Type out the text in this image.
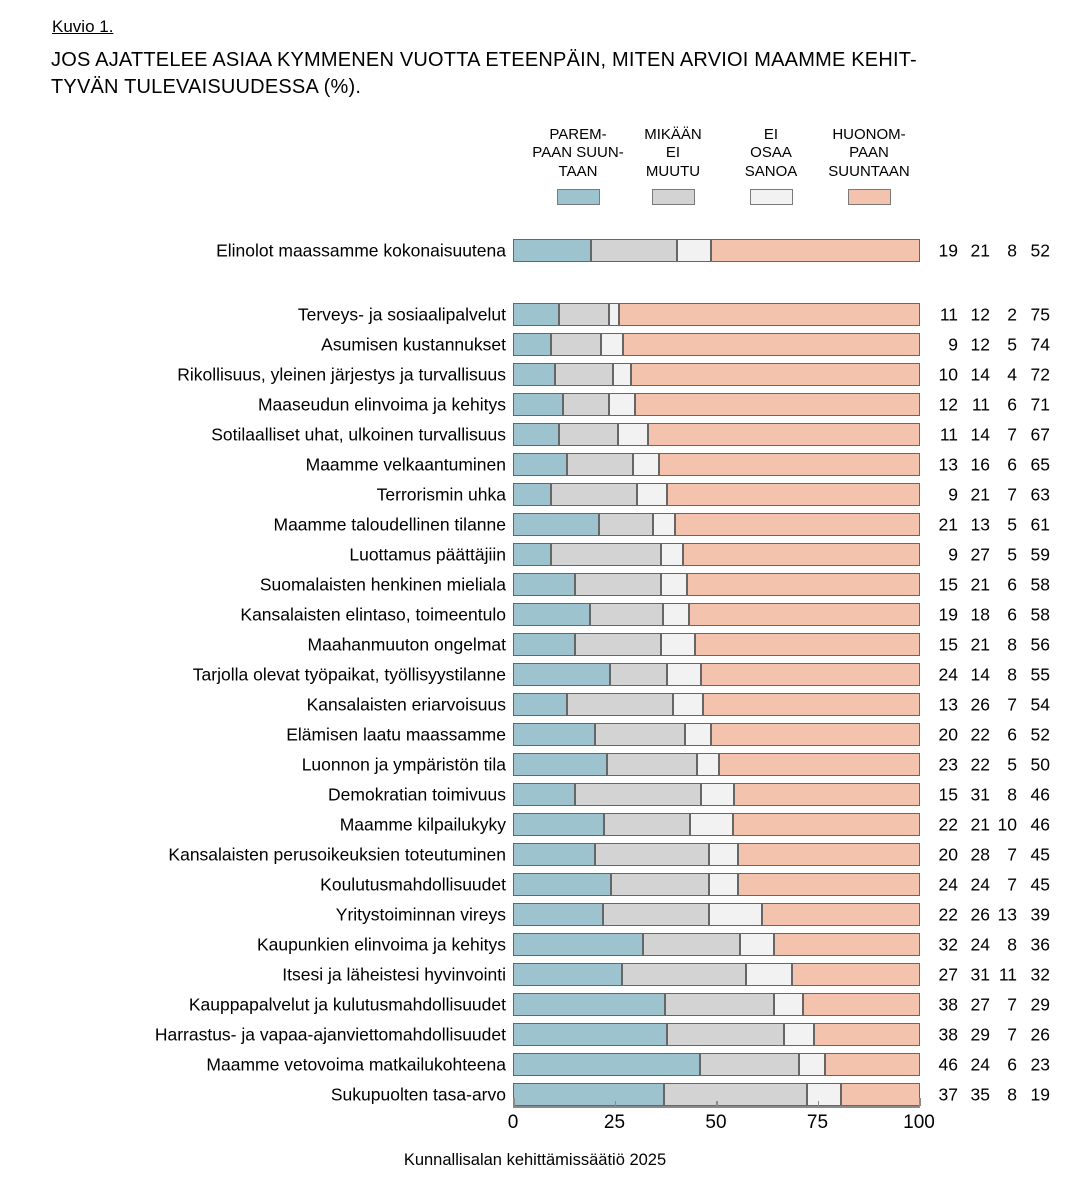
Kuvio 1.
JOS AJATTELEE ASIAA KYMMENEN VUOTTA ETEENPÄIN, MITEN ARVIOI MAAMME KEHIT-
TYVÄN TULEVAISUUDESSA (%).
PAREM-
PAAN SUUN-
TAAN
MIKÄÄN
EI
MUUTU
EI
OSAA
SANOA
HUONOM-
PAAN
SUUNTAAN
Elinolot maassamme kokonaisuutena	19 21 8 52
Terveys- ja sosiaalipalvelut	11 12 2 75
Asumisen kustannukset	9 12 5 74
Rikollisuus, yleinen järjestys ja turvallisuus	10 14 4 72
Maaseudun elinvoima ja kehitys	12 11 6 71
Sotilaalliset uhat, ulkoinen turvallisuus	11 14 7 67
Maamme velkaantuminen	13 16 6 65
Terrorismin uhka	9 21 7 63
Maamme taloudellinen tilanne	21 13 5 61
Luottamus päättäjiin	9 27 5 59
Suomalaisten henkinen mieliala	15 21 6 58
Kansalaisten elintaso, toimeentulo	19 18 6 58
Maahanmuuton ongelmat	15 21 8 56
Tarjolla olevat työpaikat, työllisyystilanne	24 14 8 55
Kansalaisten eriarvoisuus	13 26 7 54
Elämisen laatu maassamme	20 22 6 52
Luonnon ja ympäristön tila	23 22 5 50
Demokratian toimivuus	15 31 8 46
Maamme kilpailukyky	22 21 10 46
Kansalaisten perusoikeuksien toteutuminen	20 28 7 45
Koulutusmahdollisuudet	24 24 7 45
Yritystoiminnan vireys	22 26 13 39
Kaupunkien elinvoima ja kehitys	32 24 8 36
Itsesi ja läheistesi hyvinvointi	27 31 11 32
Kauppapalvelut ja kulutusmahdollisuudet	38 27 7 29
Harrastus- ja vapaa-ajanviettomahdollisuudet	38 29 7 26
Maamme vetovoima matkailukohteena	46 24 6 23
Sukupuolten tasa-arvo	37 35 8 19
0	25	50	75	100
Kunnallisalan kehittämissäätiö 2025
